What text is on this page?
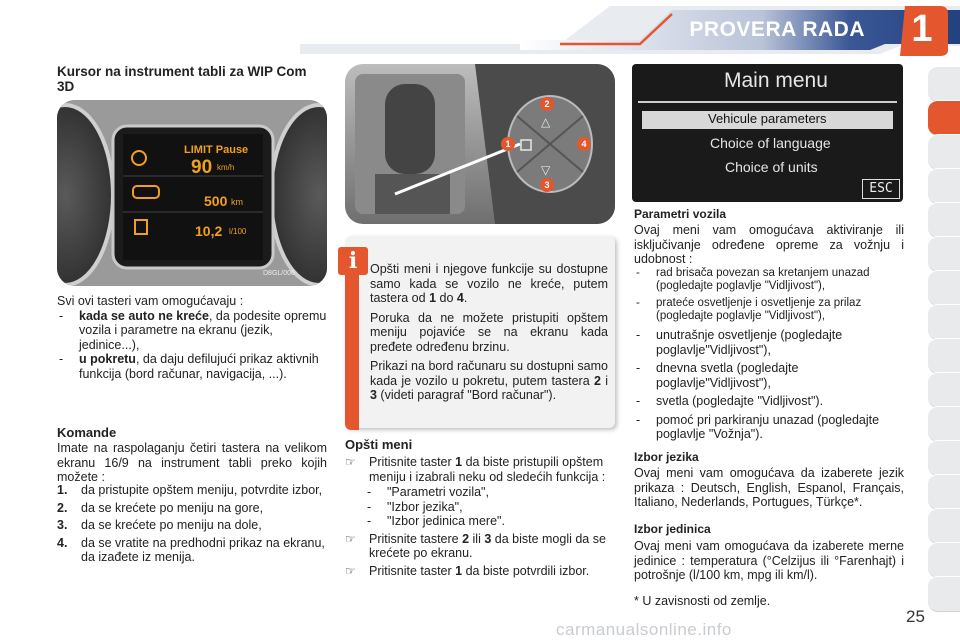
PROVERA RADA	1
Kursor na instrument tabli za WIP Com 3D
LIMIT Pause
90 km/h
500 km
10,2 l/100
D8GL/006
Svi ovi tasteri vam omogućavaju :
- kada se auto ne kreće, da podesite opremu vozila i parametre na ekranu (jezik, jedinice...),
- u pokretu, da daju defilujući prikaz aktivnih funkcija (bord računar, navigacija, ...).
Komande
Imate na raspolaganju četiri tastera na velikom ekranu 16/9 na instrument tabli preko kojih možete :
1.	da pristupite opštem meniju, potvrdite izbor,
2.	da se krećete po meniju na gore,
3.	da se krećete po meniju na dole,
4.	da se vratite na predhodni prikaz na ekranu, da izađete iz menija.
△
▽
2
1	4
3
i	Opšti meni i njegove funkcije su dostupne samo kada se vozilo ne kreće, putem tastera od 1 do 4.
Poruka da ne možete pristupiti opštem meniju pojaviće se na ekranu kada pređete određenu brzinu.
Prikazi na bord računaru su dostupni samo kada je vozilo u pokretu, putem tastera 2 i 3 (videti paragraf "Bord računar").
Opšti meni
☞ Pritisnite taster 1 da biste pristupili opštem meniju i izabrali neku od sledećih funkcija :
- "Parametri vozila",
- "Izbor jezika",
- "Izbor jedinica mere".
☞ Pritisnite tastere 2 ili 3 da biste mogli da se krećete po ekranu.
☞ Pritisnite taster 1 da biste potvrdili izbor.
Main menu
Vehicule parameters
Choice of language
Choice of units
ESC
Parametri vozila
Ovaj meni vam omogućava aktiviranje ili isključivanje određene opreme za vožnju i udobnost :
- rad brisača povezan sa kretanjem unazad (pogledajte poglavlje "Vidljivost"),
- prateće osvetljenje i osvetljenje za prilaz (pogledajte poglavlje "Vidljivost"),
- unutrašnje osvetljenje (pogledajte poglavlje"Vidljivost"),
- dnevna svetla (pogledajte poglavlje"Vidljivost"),
- svetla (pogledajte "Vidljivost").
- pomoć pri parkiranju unazad (pogledajte poglavlje "Vožnja").
Izbor jezika
Ovaj meni vam omogućava da izaberete jezik prikaza : Deutsch, English, Espanol, Français, Italiano, Nederlands, Portugues, Türkçe*.
Izbor jedinica
Ovaj meni vam omogućava da izaberete merne jedinice : temperatura (°Celzijus ili °Farenhajt) i potrošnje (l/100 km, mpg ili km/l).
* U zavisnosti od zemlje.
carmanualsonline.info
25
